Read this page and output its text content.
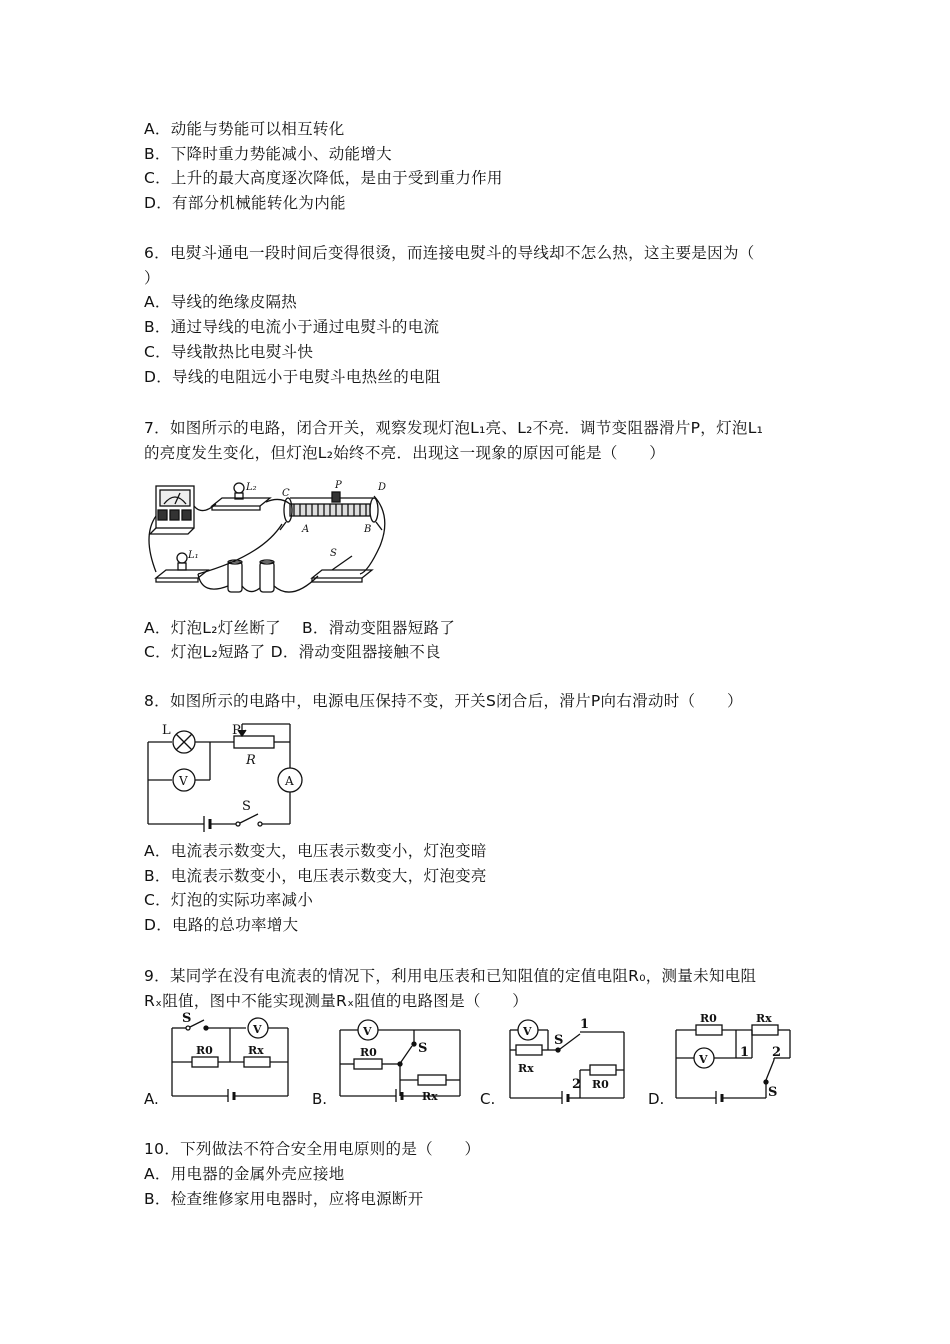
A．动能与势能可以相互转化
B．下降时重力势能减小、动能增大
C．上升的最大高度逐次降低，是由于受到重力作用
D．有部分机械能转化为内能
6．电熨斗通电一段时间后变得很烫，而连接电熨斗的导线却不怎么热，这主要是因为（
）
A．导线的绝缘皮隔热
B．通过导线的电流小于通过电熨斗的电流
C．导线散热比电熨斗快
D．导线的电阻远小于电熨斗电热丝的电阻
7．如图所示的电路，闭合开关，观察发现灯泡L₁亮、L₂不亮．调节变阻器滑片P，灯泡L₁
的亮度发生变化，但灯泡L₂始终不亮．出现这一现象的原因可能是（　　）
L₂
C
P	D
A	B
L₁	S
A．灯泡L₂灯丝断了　 B．滑动变阻器短路了
C．灯泡L₂短路了 D．滑动变阻器接触不良
8．如图所示的电路中，电源电压保持不变，开关S闭合后，滑片P向右滑动时（　　）
L	P
R
V	A
S
A．电流表示数变大，电压表示数变小，灯泡变暗
B．电流表示数变小，电压表示数变大，灯泡变亮
C．灯泡的实际功率减小
D．电路的总功率增大
9．某同学在没有电流表的情况下，利用电压表和已知阻值的定值电阻R₀，测量未知电阻
Rₓ阻值，图中不能实现测量Rₓ阻值的电路图是（　　）
S
V
R0	Rx
A.
V
R0	S
Rx
B.
V	1
S
Rx
2 R0
C.
R0	Rx
V 1 2
S
D.
10．下列做法不符合安全用电原则的是（　　）
A．用电器的金属外壳应接地
B．检查维修家用电器时，应将电源断开
